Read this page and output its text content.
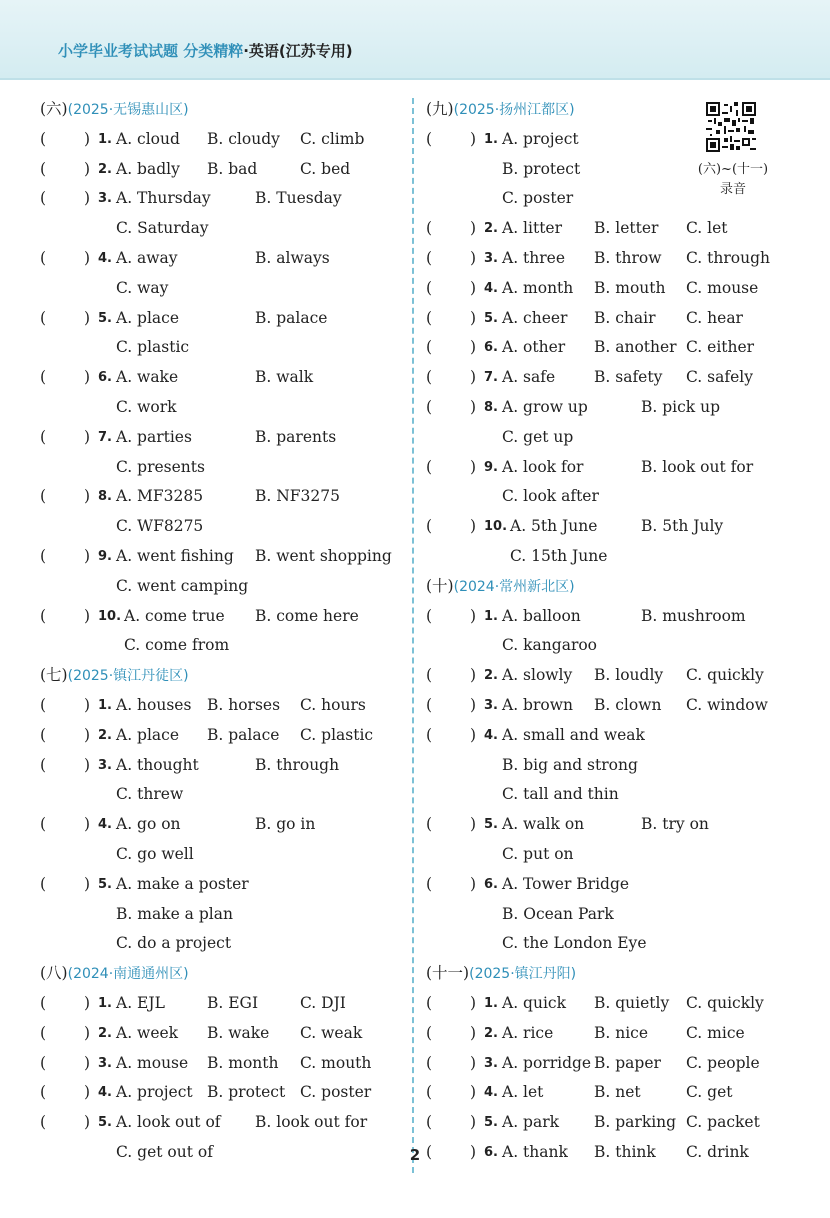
小学毕业考试试题 分类精粹·英语(江苏专用)
(六)(2025·无锡惠山区)
( ) 1. A. cloud B. cloudy C. climb
( ) 2. A. badly B. bad	C. bed
( ) 3. A. Thursday	B. Tuesday
C. Saturday
( ) 4. A. away	B. always
C. way
( ) 5. A. place	B. palace
C. plastic
( ) 6. A. wake	B. walk
C. work
( ) 7. A. parties	B. parents
C. presents
( ) 8. A. MF3285	B. NF3275
C. WF8275
( ) 9. A. went fishing B. went shopping
C. went camping
( ) 10. A. come true B. come here
C. come from
(七)(2025·镇江丹徒区)
( ) 1. A. houses B. horses C. hours
( ) 2. A. place B. palace C. plastic
( ) 3. A. thought	B. through
C. threw
( ) 4. A. go on	B. go in
C. go well
( ) 5. A. make a poster
B. make a plan
C. do a project
(八)(2024·南通通州区)
( ) 1. A. EJL	B. EGI	C. DJI
( ) 2. A. week B. wake C. weak
( ) 3. A. mouse B. month C. mouth
( ) 4. A. project B. protect C. poster
( ) 5. A. look out of B. look out for
C. get out of
(九)(2025·扬州江都区)
( ) 1. A. project
B. protect
C. poster
( ) 2. A. litter B. letter C. let
( ) 3. A. three B. throw C. through
( ) 4. A. month B. mouth C. mouse
( ) 5. A. cheer B. chair C. hear
( ) 6. A. other B. another C. either
( ) 7. A. safe	B. safety C. safely
( ) 8. A. grow up	B. pick up
C. get up
( ) 9. A. look for	B. look out for
C. look after
( ) 10. A. 5th June	B. 5th July
C. 15th June
(十)(2024·常州新北区)
( ) 1. A. balloon	B. mushroom
C. kangaroo
( ) 2. A. slowly B. loudly C. quickly
( ) 3. A. brown B. clown C. window
( ) 4. A. small and weak
B. big and strong
C. tall and thin
( ) 5. A. walk on	B. try on
C. put on
( ) 6. A. Tower Bridge
B. Ocean Park
C. the London Eye
(十一)(2025·镇江丹阳)
( ) 1. A. quick B. quietly C. quickly
( ) 2. A. rice	B. nice C. mice
( ) 3. A. porridge B. paper C. people
( ) 4. A. let	B. net	C. get
( ) 5. A. park B. parking C. packet
( ) 6. A. thank B. think C. drink
(六)~(十一)
录音
2
